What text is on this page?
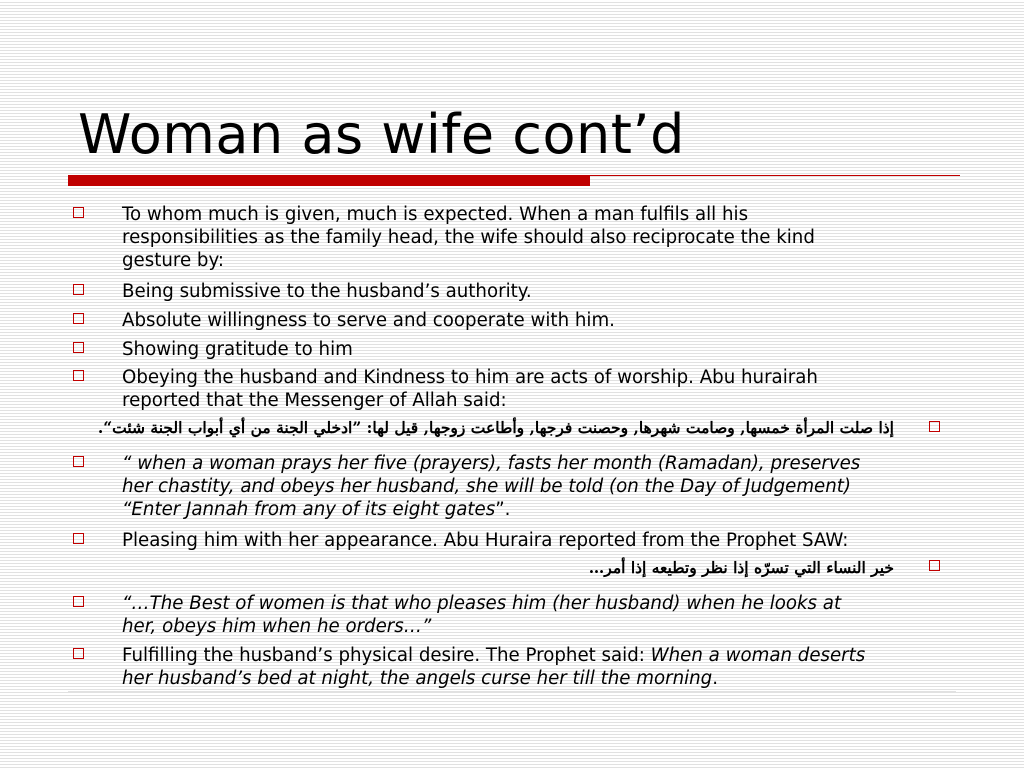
Woman as wife cont’d
To whom much is given, much is expected. When a man fulfils all his
responsibilities as the family head, the wife should also reciprocate the kind
gesture by:
Being submissive to the husband’s authority.
Absolute willingness to serve and cooperate with him.
Showing gratitude to him
Obeying the husband and Kindness to him are acts of worship. Abu hurairah
reported that the Messenger of Allah said:
إذا صلت المرأة خمسها, وصامت شهرها, وحصنت فرجها, وأطاعت زوجها, قيل لها: ”ادخلي الجنة من أي أبواب الجنة شئت“.
“ when a woman prays her five (prayers), fasts her month (Ramadan), preserves
her chastity, and obeys her husband, she will be told (on the Day of Judgement)
“Enter Jannah from any of its eight gates”.
Pleasing him with her appearance. Abu Huraira reported from the Prophet SAW:
خير النساء التي تسرّه إذا نظر وتطيعه إذا أمر…
“…The Best of women is that who pleases him (her husband) when he looks at
her, obeys him when he orders…”
Fulfilling the husband’s physical desire. The Prophet said: When a woman deserts
her husband’s bed at night, the angels curse her till the morning.
